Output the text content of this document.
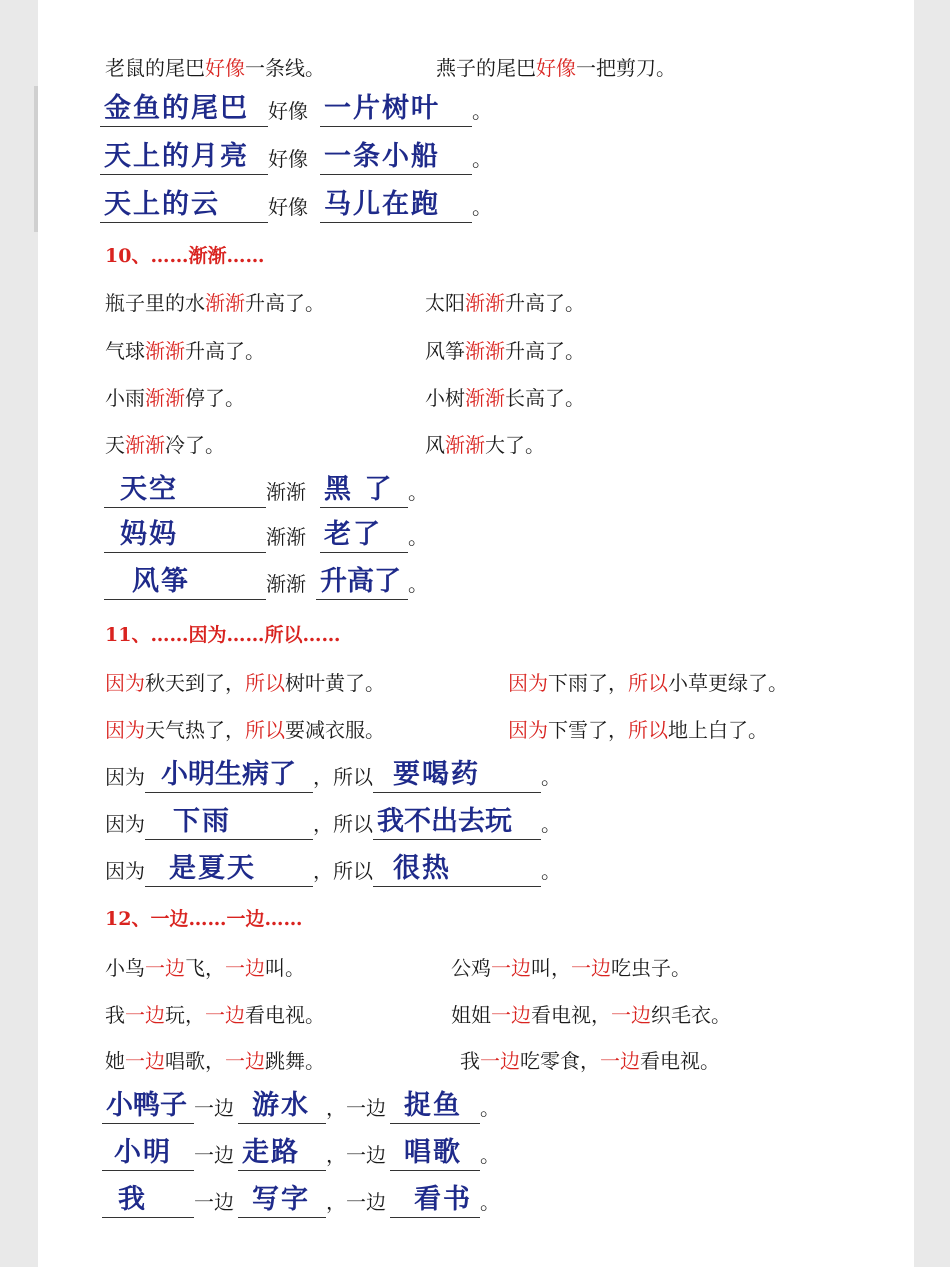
老鼠的尾巴好像一条线。	燕子的尾巴好像一把剪刀。
金鱼的尾巴 好像 一片树叶	。
天上的月亮 好像 一条小船	。
天上的云	好像 马儿在跑	。
10、……渐渐……
瓶子里的水渐渐升高了。	太阳渐渐升高了。
气球渐渐升高了。	风筝渐渐升高了。
小雨渐渐停了。	小树渐渐长高了。
天渐渐冷了。	风渐渐大了。
天空	渐渐 黑 了 。
妈妈	渐渐 老了	。
风筝	渐渐 升高了 。
11、……因为……所以……
因为秋天到了，所以树叶黄了。	因为下雨了，所以小草更绿了。
因为天气热了，所以要减衣服。	因为下雪了，所以地上白了。
因为 小明生病了 ， 所以 要喝药	。
因为	下雨	， 所以 我不出去玩	。
因为 是夏天	， 所以 很热	。
12、一边……一边……
小鸟一边飞，一边叫。	公鸡一边叫，一边吃虫子。
我一边玩，一边看电视。	姐姐一边看电视，一边织毛衣。
她一边唱歌，一边跳舞。	我一边吃零食，一边看电视。
小鸭子 一边 游水 ， 一边 捉鱼 。
小明	一边 走路	， 一边 唱歌 。
我	一边 写字 ， 一边	看书 。
